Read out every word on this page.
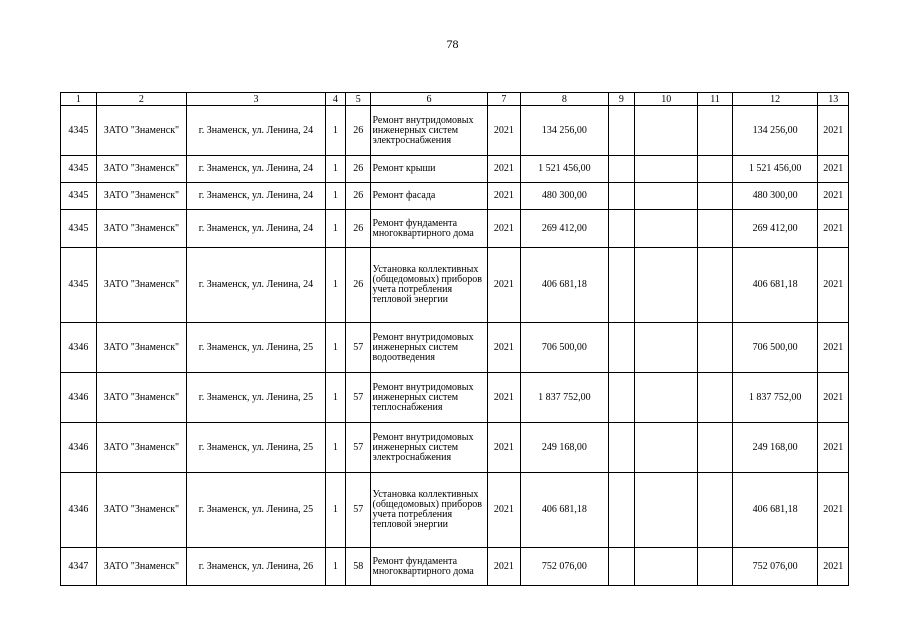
78
1	2	3	4	5	6	7	8	9	10	11	12	13
4345	ЗАТО "Знаменск"	г. Знаменск, ул. Ленина, 24	1	26	Ремонт внутридомовых инженерных систем электроснабжения	2021	134 256,00				134 256,00	2021
4345	ЗАТО "Знаменск"	г. Знаменск, ул. Ленина, 24	1	26	Ремонт крыши	2021	1 521 456,00				1 521 456,00	2021
4345	ЗАТО "Знаменск"	г. Знаменск, ул. Ленина, 24	1	26	Ремонт фасада	2021	480 300,00				480 300,00	2021
4345	ЗАТО "Знаменск"	г. Знаменск, ул. Ленина, 24	1	26	Ремонт фундамента многоквартирного дома	2021	269 412,00				269 412,00	2021
4345	ЗАТО "Знаменск"	г. Знаменск, ул. Ленина, 24	1	26	Установка коллективных (общедомовых) приборов учета потребления тепловой энергии	2021	406 681,18				406 681,18	2021
4346	ЗАТО "Знаменск"	г. Знаменск, ул. Ленина, 25	1	57	Ремонт внутридомовых инженерных систем водоотведения	2021	706 500,00				706 500,00	2021
4346	ЗАТО "Знаменск"	г. Знаменск, ул. Ленина, 25	1	57	Ремонт внутридомовых инженерных систем теплоснабжения	2021	1 837 752,00				1 837 752,00	2021
4346	ЗАТО "Знаменск"	г. Знаменск, ул. Ленина, 25	1	57	Ремонт внутридомовых инженерных систем электроснабжения	2021	249 168,00				249 168,00	2021
4346	ЗАТО "Знаменск"	г. Знаменск, ул. Ленина, 25	1	57	Установка коллективных (общедомовых) приборов учета потребления тепловой энергии	2021	406 681,18				406 681,18	2021
4347	ЗАТО "Знаменск"	г. Знаменск, ул. Ленина, 26	1	58	Ремонт фундамента многоквартирного дома	2021	752 076,00				752 076,00	2021
